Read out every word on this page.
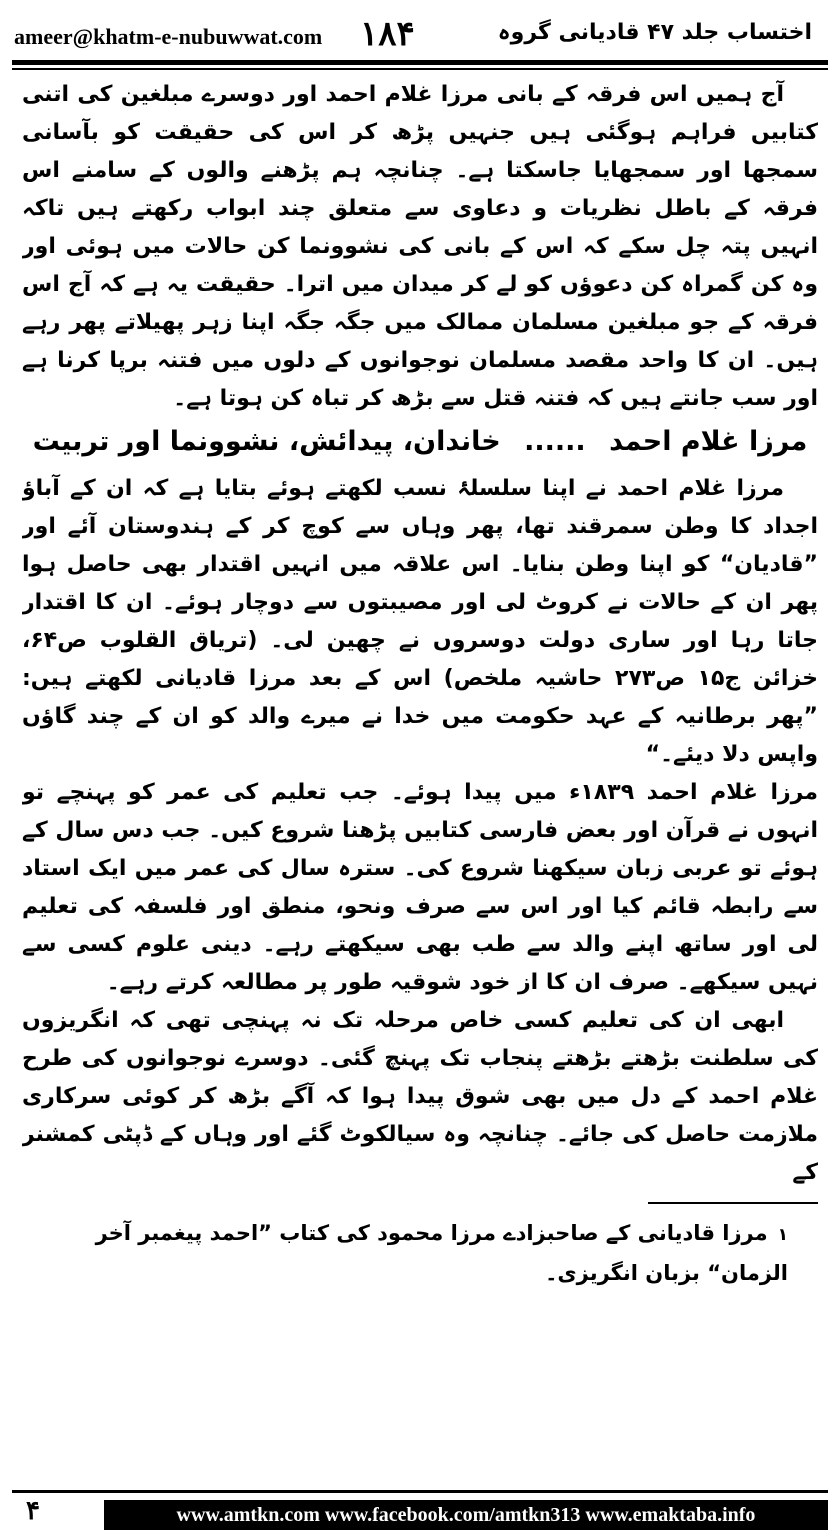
ameer@khatm-e-nubuwwat.com ۱۸۴	اختساب جلد ۴۷ قادیانی گروہ

آج ہمیں اس فرقہ کے بانی مرزا غلام احمد اور دوسرے مبلغین کی اتنی کتابیں فراہم ہوگئی ہیں جنہیں پڑھ کر اس کی حقیقت کو بآسانی سمجھا اور سمجھایا جاسکتا ہے۔ چنانچہ ہم پڑھنے والوں کے سامنے اس فرقہ کے باطل نظریات و دعاوی سے متعلق چند ابواب رکھتے ہیں تاکہ انہیں پتہ چل سکے کہ اس کے بانی کی نشوونما کن حالات میں ہوئی اور وہ کن گمراہ کن دعوؤں کو لے کر میدان میں اترا۔ حقیقت یہ ہے کہ آج اس فرقہ کے جو مبلغین مسلمان ممالک میں جگہ جگہ اپنا زہر پھیلاتے پھر رہے ہیں۔ ان کا واحد مقصد مسلمان نوجوانوں کے دلوں میں فتنہ برپا کرنا ہے اور سب جانتے ہیں کہ فتنہ قتل سے بڑھ کر تباہ کن ہوتا ہے۔

مرزا غلام احمد ...... خاندان، پیدائش، نشوونما اور تربیت

مرزا غلام احمد نے اپنا سلسلۂ نسب لکھتے ہوئے بتایا ہے کہ ان کے آباؤ اجداد کا وطن سمرقند تھا، پھر وہاں سے کوچ کر کے ہندوستان آئے اور ”قادیان“ کو اپنا وطن بنایا۔ اس علاقہ میں انہیں اقتدار بھی حاصل ہوا پھر ان کے حالات نے کروٹ لی اور مصیبتوں سے دوچار ہوئے۔ ان کا اقتدار جاتا رہا اور ساری دولت دوسروں نے چھین لی۔ (تریاق القلوب ص۶۴، خزائن ج۱۵ ص۲۷۳ حاشیہ ملخص) اس کے بعد مرزا قادیانی لکھتے ہیں: ”پھر برطانیہ کے عہد حکومت میں خدا نے میرے والد کو ان کے چند گاؤں واپس دلا دیئے۔“

مرزا غلام احمد ۱۸۳۹ء میں پیدا ہوئے۔ جب تعلیم کی عمر کو پہنچے تو انہوں نے قرآن اور بعض فارسی کتابیں پڑھنا شروع کیں۔ جب دس سال کے ہوئے تو عربی زبان سیکھنا شروع کی۔ سترہ سال کی عمر میں ایک استاد سے رابطہ قائم کیا اور اس سے صرف ونحو، منطق اور فلسفہ کی تعلیم لی اور ساتھ اپنے والد سے طب بھی سیکھتے رہے۔ دینی علوم کسی سے نہیں سیکھے۔ صرف ان کا از خود شوقیہ طور پر مطالعہ کرتے رہے۔

ابھی ان کی تعلیم کسی خاص مرحلہ تک نہ پہنچی تھی کہ انگریزوں کی سلطنت بڑھتے بڑھتے پنجاب تک پہنچ گئی۔ دوسرے نوجوانوں کی طرح غلام احمد کے دل میں بھی شوق پیدا ہوا کہ آگے بڑھ کر کوئی سرکاری ملازمت حاصل کی جائے۔ چنانچہ وہ سیالکوٹ گئے اور وہاں کے ڈپٹی کمشنر کے

۱مرزا قادیانی کے صاحبزادے مرزا محمود کی کتاب ”احمد پیغمبر آخر الزمان“ بزبان انگریزی۔

۴	www.amtkn.com www.facebook.com/amtkn313 www.emaktaba.info
